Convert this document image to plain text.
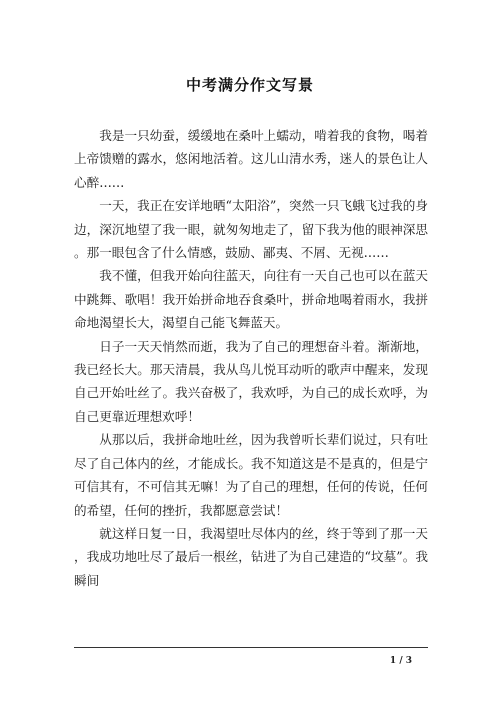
中考满分作文写景

我是一只幼蚕，缓缓地在桑叶上蠕动，啃着我的食物，喝着上帝馈赠的露水，悠闲地活着。这儿山清水秀，迷人的景色让人心醉……

一天，我正在安详地晒“太阳浴”，突然一只飞蛾飞过我的身边，深沉地望了我一眼，就匆匆地走了，留下我为他的眼神深思。那一眼包含了什么情感，鼓励、鄙夷、不屑、无视……

我不懂，但我开始向往蓝天，向往有一天自己也可以在蓝天中跳舞、歌唱！我开始拼命地吞食桑叶，拼命地喝着雨水，我拼命地渴望长大，渴望自己能飞舞蓝天。

日子一天天悄然而逝，我为了自己的理想奋斗着。渐渐地，我已经长大。那天清晨，我从鸟儿悦耳动听的歌声中醒来，发现自己开始吐丝了。我兴奋极了，我欢呼，为自己的成长欢呼，为自己更靠近理想欢呼！

从那以后，我拼命地吐丝，因为我曾听长辈们说过，只有吐尽了自己体内的丝，才能成长。我不知道这是不是真的，但是宁可信其有，不可信其无嘛！为了自己的理想，任何的传说，任何的希望，任何的挫折，我都愿意尝试！

就这样日复一日，我渴望吐尽体内的丝，终于等到了那一天，我成功地吐尽了最后一根丝，钻进了为自己建造的“坟墓”。我瞬间

1 / 3
